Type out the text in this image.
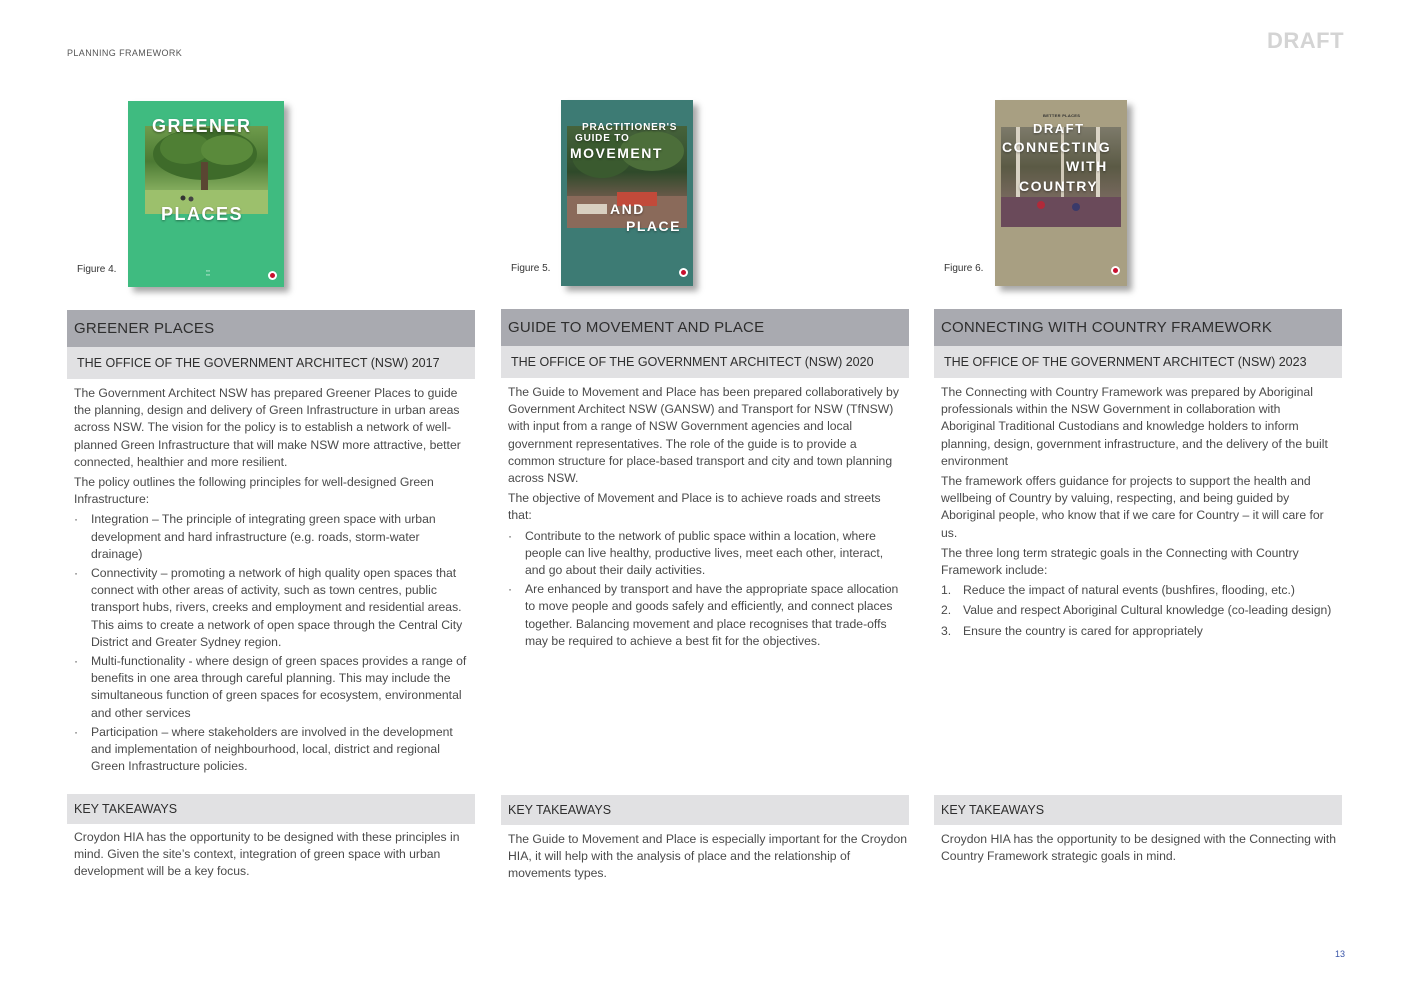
PLANNING FRAMEWORK	DRAFT
Figure 4.
GREENER
PLACES
▪▪▪
▪▪▪
Figure 5.
PRACTITIONER'S
GUIDE TO
MOVEMENT
AND
PLACE
Figure 6.
BETTER PLACES
DRAFT
CONNECTING
WITH
COUNTRY
GREENER PLACES
THE OFFICE OF THE GOVERNMENT ARCHITECT (NSW) 2017

The Government Architect NSW has prepared Greener Places to guide the planning, design and delivery of Green Infrastructure in urban areas across NSW. The vision for the policy is to establish a network of well-planned Green Infrastructure that will make NSW more attractive, better connected, healthier and more resilient.

The policy outlines the following principles for well-designed Green Infrastructure:

· Integration – The principle of integrating green space with urban development and hard infrastructure (e.g. roads, storm-water drainage)
· Connectivity – promoting a network of high quality open spaces that connect with other areas of activity, such as town centres, public transport hubs, rivers, creeks and employment and residential areas. This aims to create a network of open space through the Central City District and Greater Sydney region.
· Multi-functionality - where design of green spaces provides a range of benefits in one area through careful planning. This may include the simultaneous function of green spaces for ecosystem, environmental and other services
· Participation – where stakeholders are involved in the development and implementation of neighbourhood, local, district and regional Green Infrastructure policies.
GUIDE TO MOVEMENT AND PLACE
THE OFFICE OF THE GOVERNMENT ARCHITECT (NSW) 2020

The Guide to Movement and Place has been prepared collaboratively by Government Architect NSW (GANSW) and Transport for NSW (TfNSW) with input from a range of NSW Government agencies and local government representatives. The role of the guide is to provide a common structure for place-based transport and city and town planning across NSW.

The objective of Movement and Place is to achieve roads and streets that:

· Contribute to the network of public space within a location, where people can live healthy, productive lives, meet each other, interact, and go about their daily activities.
· Are enhanced by transport and have the appropriate space allocation to move people and goods safely and efficiently, and connect places together. Balancing movement and place recognises that trade-offs may be required to achieve a best fit for the objectives.
CONNECTING WITH COUNTRY FRAMEWORK
THE OFFICE OF THE GOVERNMENT ARCHITECT (NSW) 2023

The Connecting with Country Framework was prepared by Aboriginal professionals within the NSW Government in collaboration with Aboriginal Traditional Custodians and knowledge holders to inform planning, design, government infrastructure, and the delivery of the built environment

The framework offers guidance for projects to support the health and wellbeing of Country by valuing, respecting, and being guided by Aboriginal people, who know that if we care for Country – it will care for us.

The three long term strategic goals in the Connecting with Country Framework include:

1. Reduce the impact of natural events (bushfires, flooding, etc.)
2. Value and respect Aboriginal Cultural knowledge (co-leading design)
3. Ensure the country is cared for appropriately
KEY TAKEAWAYS
Croydon HIA has the opportunity to be designed with these principles in mind. Given the site’s context, integration of green space with urban development will be a key focus.
KEY TAKEAWAYS
The Guide to Movement and Place is especially important for the Croydon HIA, it will help with the analysis of place and the relationship of movements types.
KEY TAKEAWAYS
Croydon HIA has the opportunity to be designed with the Connecting with Country Framework strategic goals in mind.
13
